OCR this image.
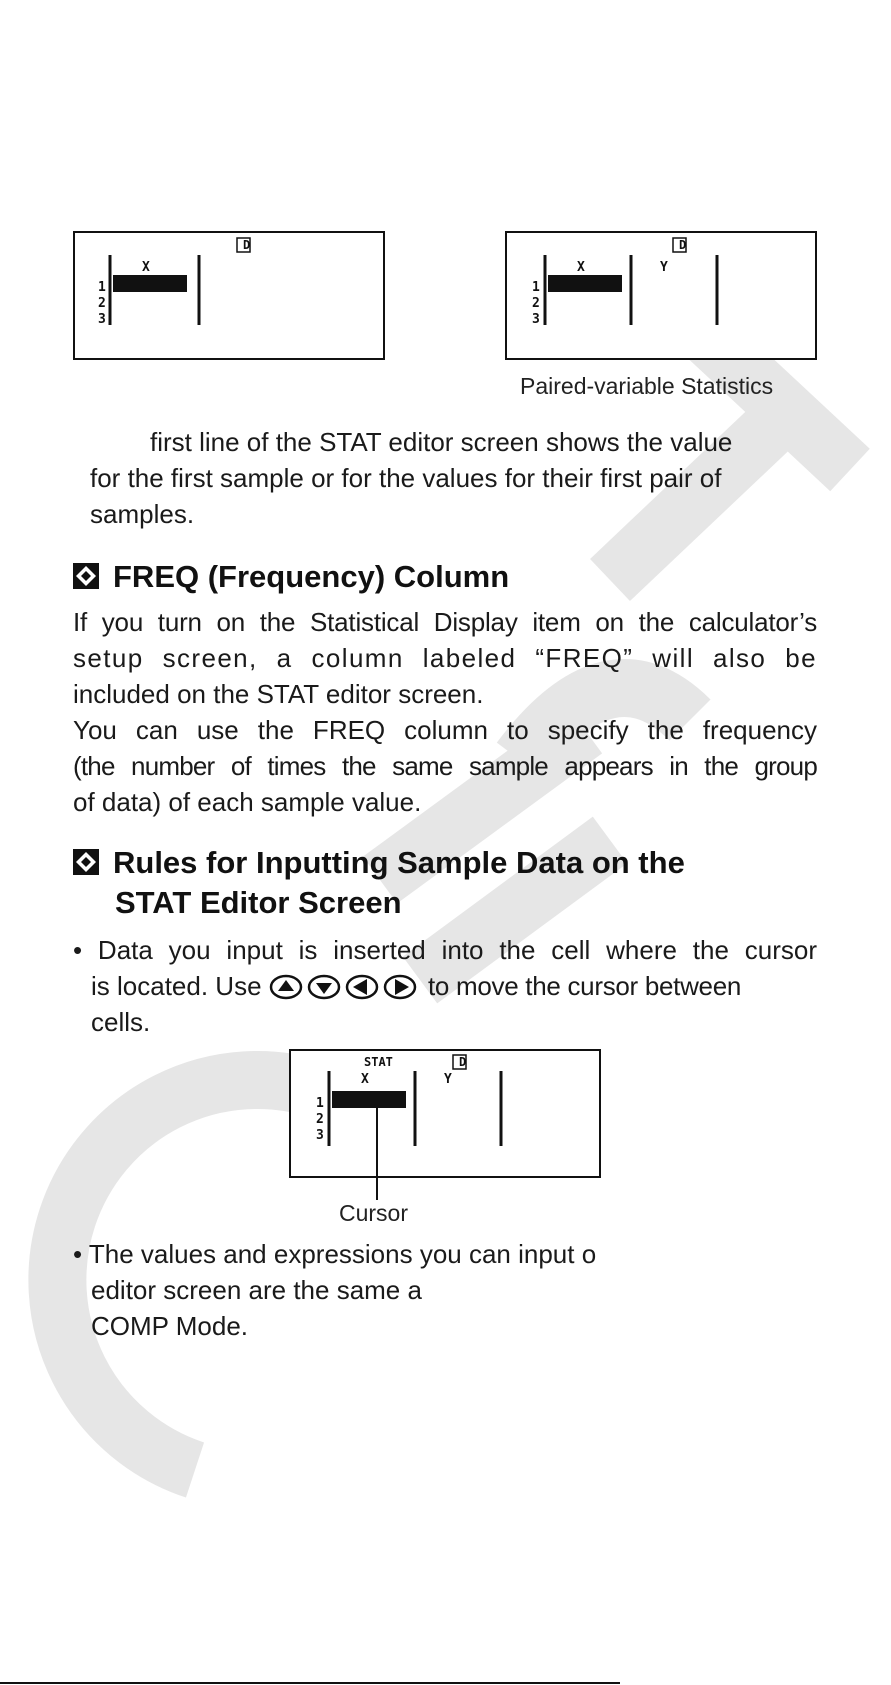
D
X
1
2
3
D
X	Y
1
2
3
Paired-variable Statistics
first line of the STAT editor screen shows the value
for the first sample or for the values for their first pair of
samples.
FREQ (Frequency) Column
If you turn on the Statistical Display item on the calculator’s
setup screen, a column labeled “FREQ” will also be
included on the STAT editor screen.
You can use the FREQ column to specify the frequency
(the number of times the same sample appears in the group
of data) of each sample value.
Rules for Inputting Sample Data on the
STAT Editor Screen
• Data you input is inserted into the cell where the cursor
is located. Use	to move the cursor between
cells.
STAT	D
X	Y
1
2
3
Cursor
• The values and expressions you can input o
editor screen are the same a
COMP Mode.
